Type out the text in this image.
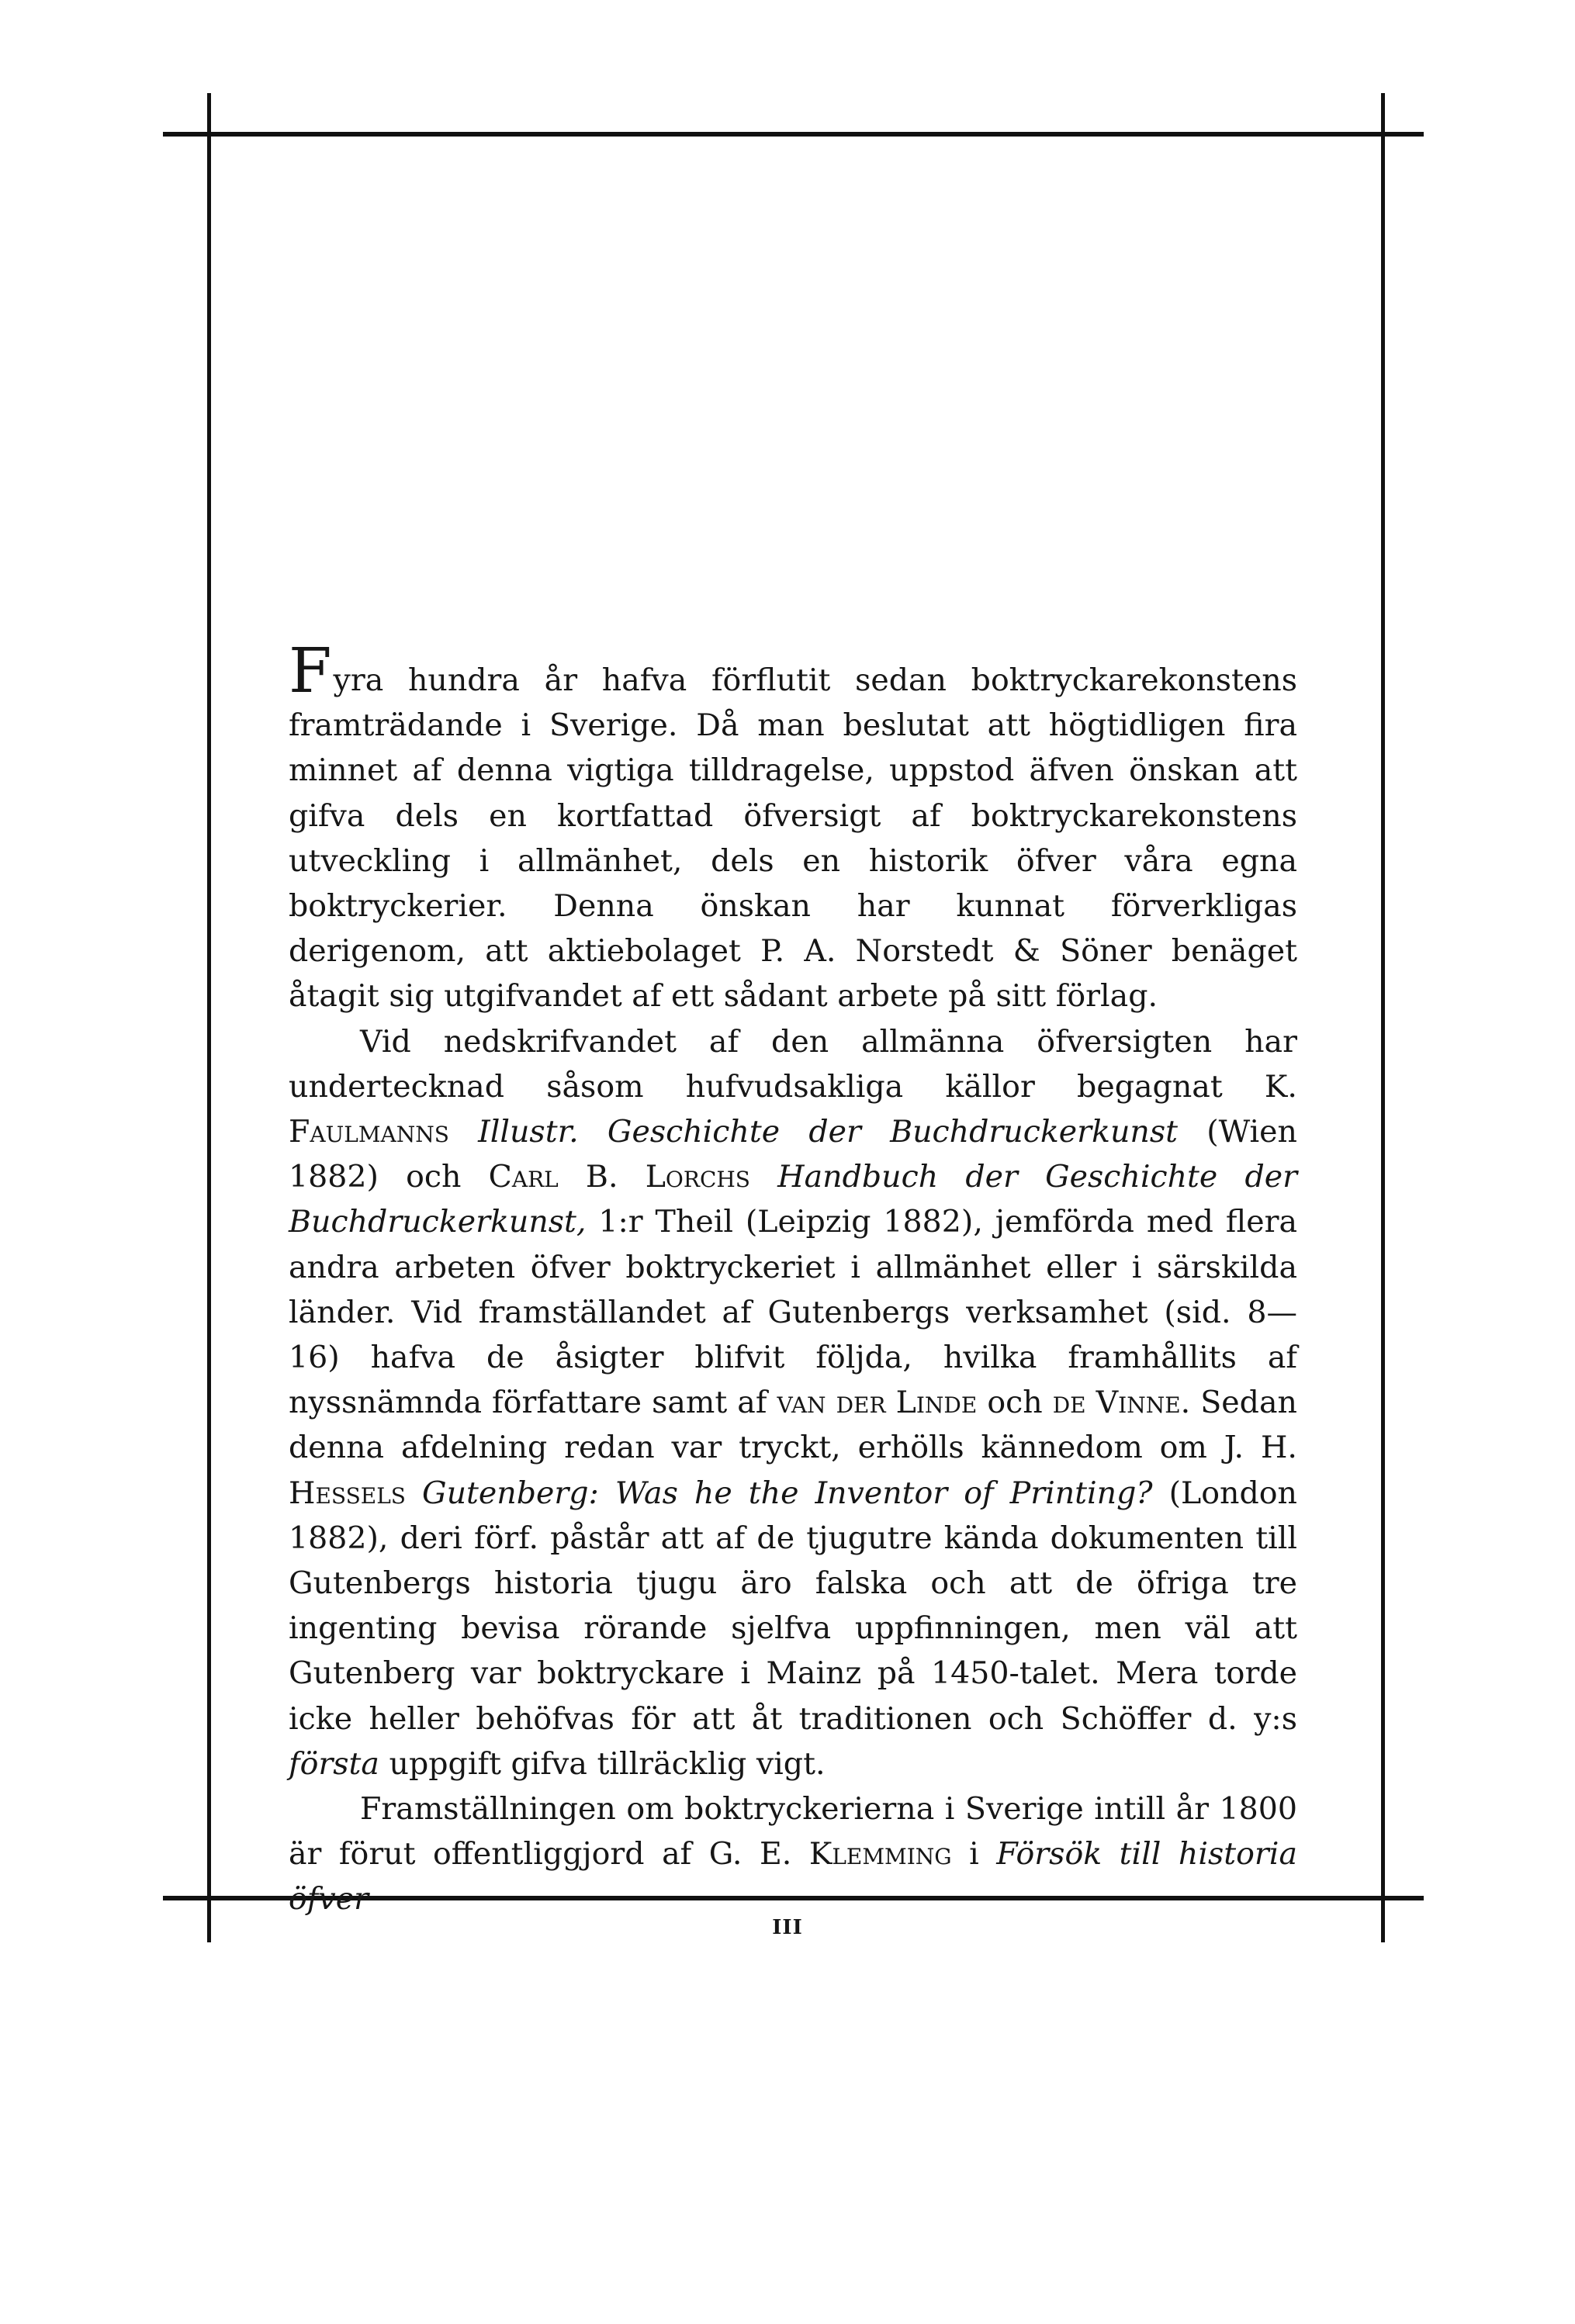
Fyra hundra år hafva förflutit sedan boktryckarekonstens framträdande i Sverige. Då man beslutat att högtidligen fira minnet af denna vigtiga tilldragelse, uppstod äfven önskan att gifva dels en kortfattad öfversigt af boktryckarekonstens utveckling i allmänhet, dels en historik öfver våra egna boktryckerier. Denna önskan har kunnat förverkligas derigenom, att aktiebolaget P. A. Norstedt & Söner benäget åtagit sig utgifvandet af ett sådant arbete på sitt förlag.

Vid nedskrifvandet af den allmänna öfversigten har undertecknad såsom hufvudsakliga källor begagnat K. Faulmanns Illustr. Geschichte der Buchdruckerkunst (Wien 1882) och Carl B. Lorchs Handbuch der Geschichte der Buchdruckerkunst, 1:r Theil (Leipzig 1882), jemförda med flera andra arbeten öfver boktryckeriet i allmänhet eller i särskilda länder. Vid framställandet af Gutenbergs verksamhet (sid. 8—16) hafva de åsigter blifvit följda, hvilka framhållits af nyssnämnda författare samt af van der Linde och de Vinne. Sedan denna afdelning redan var tryckt, erhölls kännedom om J. H. Hessels Gutenberg: Was he the Inventor of Printing? (London 1882), deri förf. påstår att af de tjugutre kända dokumenten till Gutenbergs historia tjugu äro falska och att de öfriga tre ingenting bevisa rörande sjelfva uppfinningen, men väl att Gutenberg var boktryckare i Mainz på 1450-talet. Mera torde icke heller behöfvas för att åt traditionen och Schöffer d. y:s första uppgift gifva tillräcklig vigt.

Framställningen om boktryckerierna i Sverige intill år 1800 är förut offentliggjord af G. E. Klemming i Försök till historia öfver

III
